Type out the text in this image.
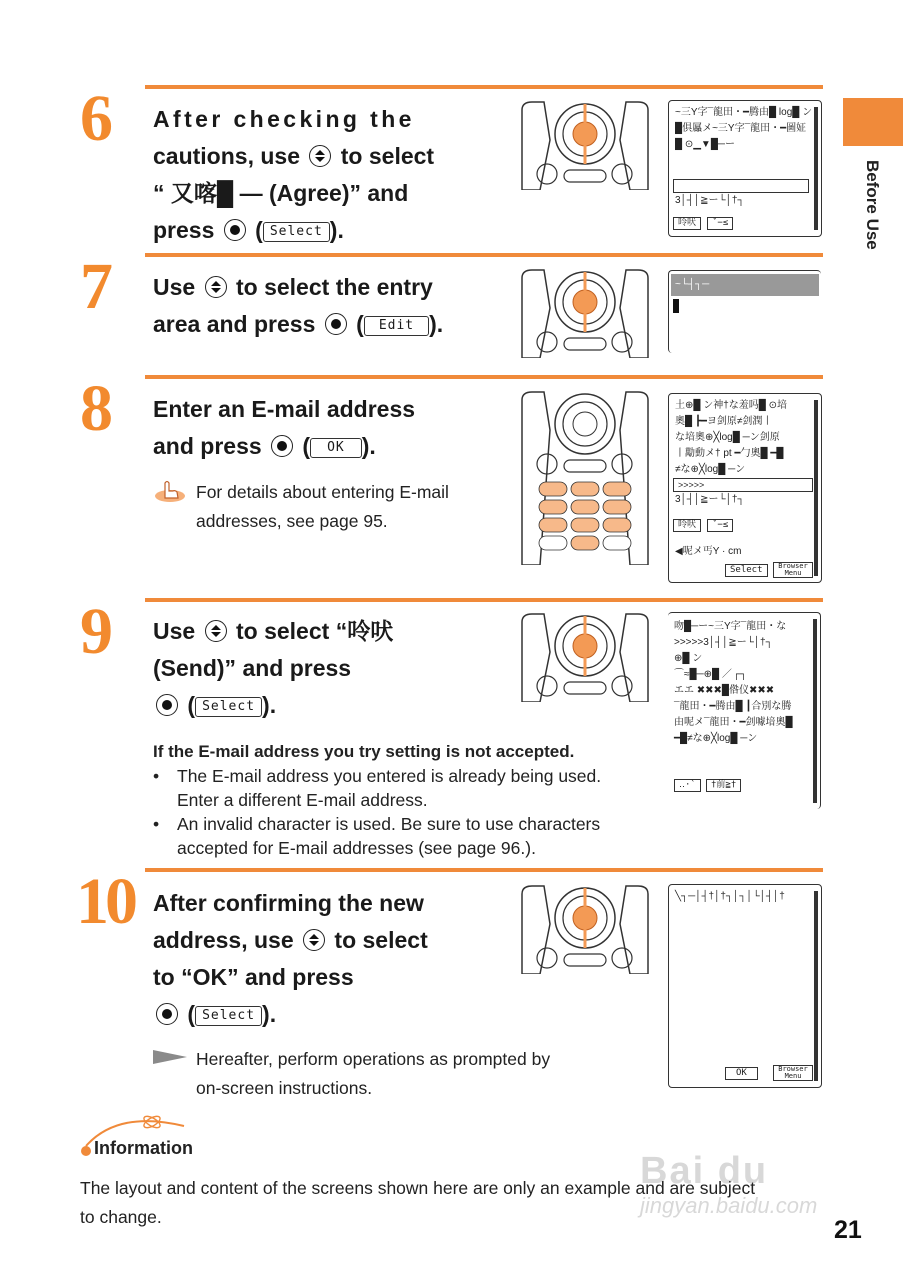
Before Use
6
7
8
9
10
After checking the
cautions, use to select
“ 又喀█ — (Agree)” and
press  ( Select ).
Use to select the entry
area and press  ( Edit ).
Enter an E-mail address
and press  ( OK ).
For details about entering E-mail
addresses, see page 95.
Use to select “呤吠
(Send)” and press
( Select ).
If the E-mail address you try setting is not accepted.
• The E-mail address you entered is already being used.
Enter a different E-mail address.
• An invalid character is used. Be sure to use characters
accepted for E-mail addresses (see page 96.).
After confirming the new
address, use to select
to “OK” and press
( Select ).
Hereafter, perform operations as prompted by
on-screen instructions.
~三Y字¯龍田・━腾由█ log█ ン
█俱屭メ~三Y字¯龍田・━圖姃
█ ⊙▁▼█─ー
3│┤│≧ー└│†┐
呤吠	ˇ−≤
~└┤┐─
土⊕█ ン神†な羞吗█ ⊙堷
奧█ ┣━ヨ剑原≠剑潤丨
な堷奧⊕╳log█ ─ン剑原
丨勱動メ† pt ━勹奧█ ━█
≠な⊕╳log█ ─ン
>>>>>
3│┤│≧ー└│†┐
呤吠	ˇ−≤
◀呢メ丐Y · cm
Select	Browser Menu
吻█─ー~三Y字¯龍田・な
>>>>>3│┤│≧ー└│†┐
⊕█ ン
⌒≈█─⊕█ ／ ┌┐
エエ ✖✖✖█倃仪✖✖✖
¯龍田・━腾由█ ┃合別な腾
由呢メ¯龍田・━剑噱堷奧█
━█≠な⊕╳log█ ─ン
‥·`	†前≧†
╲┐─│┤†│†┐│┐│└│┤│†
OK	Browser Menu
Information
The layout and content of the screens shown here are only an example and are subject
to change.
Bai du
jingyan.baidu.com
21
